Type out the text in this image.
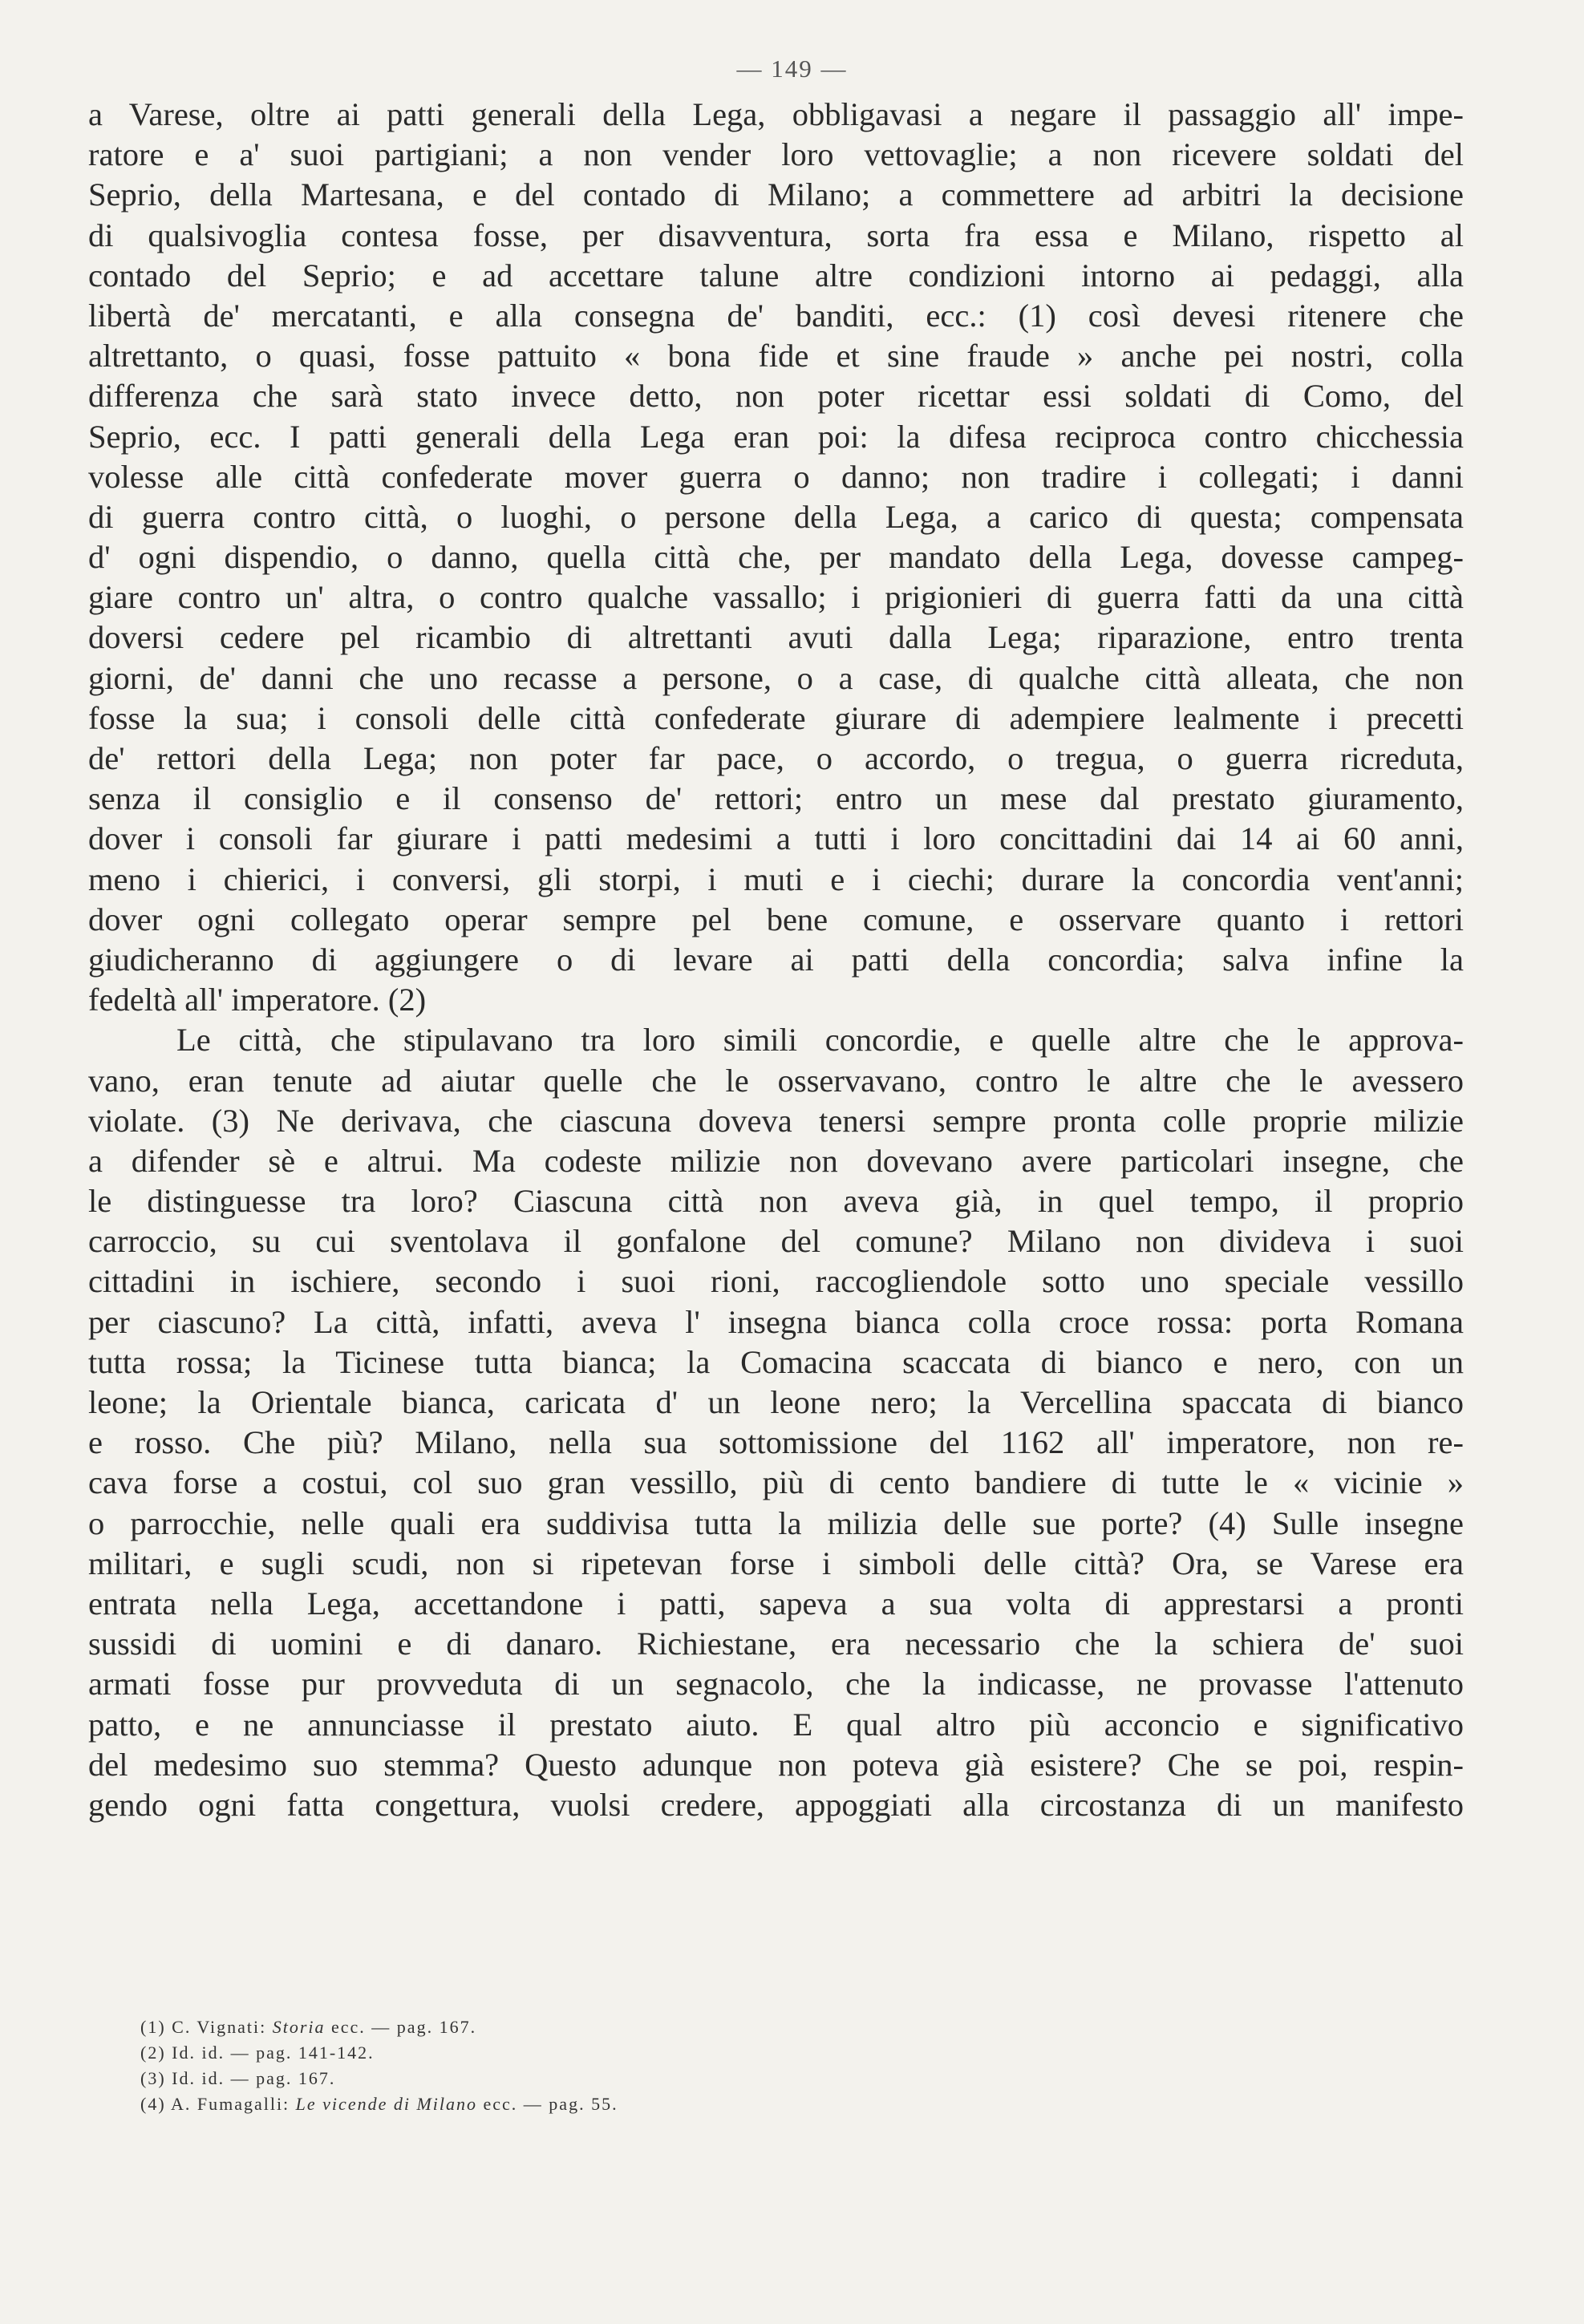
— 149 —
a Varese, oltre ai patti generali della Lega, obbligavasi a negare il passaggio all' impe-
ratore e a' suoi partigiani; a non vender loro vettovaglie; a non ricevere soldati del
Seprio, della Martesana, e del contado di Milano; a commettere ad arbitri la decisione
di qualsivoglia contesa fosse, per disavventura, sorta fra essa e Milano, rispetto al
contado del Seprio; e ad accettare talune altre condizioni intorno ai pedaggi, alla
libertà de' mercatanti, e alla consegna de' banditi, ecc.: (1) così devesi ritenere che
altrettanto, o quasi, fosse pattuito « bona fide et sine fraude » anche pei nostri, colla
differenza che sarà stato invece detto, non poter ricettar essi soldati di Como, del
Seprio, ecc. I patti generali della Lega eran poi: la difesa reciproca contro chicchessia
volesse alle città confederate mover guerra o danno; non tradire i collegati; i danni
di guerra contro città, o luoghi, o persone della Lega, a carico di questa; compensata
d' ogni dispendio, o danno, quella città che, per mandato della Lega, dovesse campeg-
giare contro un' altra, o contro qualche vassallo; i prigionieri di guerra fatti da una città
doversi cedere pel ricambio di altrettanti avuti dalla Lega; riparazione, entro trenta
giorni, de' danni che uno recasse a persone, o a case, di qualche città alleata, che non
fosse la sua; i consoli delle città confederate giurare di adempiere lealmente i precetti
de' rettori della Lega; non poter far pace, o accordo, o tregua, o guerra ricreduta,
senza il consiglio e il consenso de' rettori; entro un mese dal prestato giuramento,
dover i consoli far giurare i patti medesimi a tutti i loro concittadini dai 14 ai 60 anni,
meno i chierici, i conversi, gli storpi, i muti e i ciechi; durare la concordia vent'anni;
dover ogni collegato operar sempre pel bene comune, e osservare quanto i rettori
giudicheranno di aggiungere o di levare ai patti della concordia; salva infine la
fedeltà all' imperatore. (2)
Le città, che stipulavano tra loro simili concordie, e quelle altre che le approva-
vano, eran tenute ad aiutar quelle che le osservavano, contro le altre che le avessero
violate. (3) Ne derivava, che ciascuna doveva tenersi sempre pronta colle proprie milizie
a difender sè e altrui. Ma codeste milizie non dovevano avere particolari insegne, che
le distinguesse tra loro? Ciascuna città non aveva già, in quel tempo, il proprio
carroccio, su cui sventolava il gonfalone del comune? Milano non divideva i suoi
cittadini in ischiere, secondo i suoi rioni, raccogliendole sotto uno speciale vessillo
per ciascuno? La città, infatti, aveva l' insegna bianca colla croce rossa: porta Romana
tutta rossa; la Ticinese tutta bianca; la Comacina scaccata di bianco e nero, con un
leone; la Orientale bianca, caricata d' un leone nero; la Vercellina spaccata di bianco
e rosso. Che più? Milano, nella sua sottomissione del 1162 all' imperatore, non re-
cava forse a costui, col suo gran vessillo, più di cento bandiere di tutte le « vicinie »
o parrocchie, nelle quali era suddivisa tutta la milizia delle sue porte? (4) Sulle insegne
militari, e sugli scudi, non si ripetevan forse i simboli delle città? Ora, se Varese era
entrata nella Lega, accettandone i patti, sapeva a sua volta di apprestarsi a pronti
sussidi di uomini e di danaro. Richiestane, era necessario che la schiera de' suoi
armati fosse pur provveduta di un segnacolo, che la indicasse, ne provasse l'attenuto
patto, e ne annunciasse il prestato aiuto. E qual altro più acconcio e significativo
del medesimo suo stemma? Questo adunque non poteva già esistere? Che se poi, respin-
gendo ogni fatta congettura, vuolsi credere, appoggiati alla circostanza di un manifesto
(1) C. Vignati: Storia ecc. — pag. 167.
(2) Id. id. — pag. 141-142.
(3) Id. id. — pag. 167.
(4) A. Fumagalli: Le vicende di Milano ecc. — pag. 55.
